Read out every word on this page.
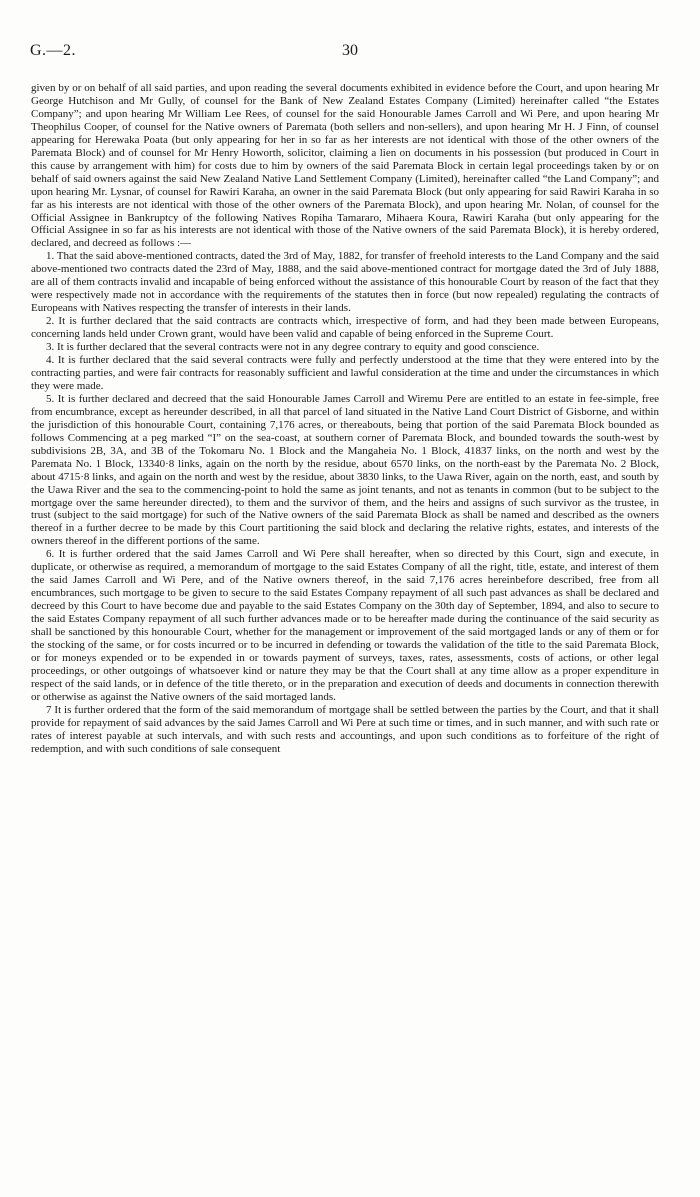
G.—2.	30

given by or on behalf of all said parties, and upon reading the several documents exhibited in evidence before the Court, and upon hearing Mr George Hutchison and Mr Gully, of counsel for the Bank of New Zealand Estates Company (Limited) hereinafter called “the Estates Company”; and upon hearing Mr William Lee Rees, of counsel for the said Honourable James Carroll and Wi Pere, and upon hearing Mr Theophilus Cooper, of counsel for the Native owners of Paremata (both sellers and non-sellers), and upon hearing Mr H. J Finn, of counsel appearing for Herewaka Poata (but only appearing for her in so far as her interests are not identical with those of the other owners of the Paremata Block) and of counsel for Mr Henry Howorth, solicitor, claiming a lien on documents in his possession (but produced in Court in this cause by arrangement with him) for costs due to him by owners of the said Paremata Block in certain legal proceedings taken by or on behalf of said owners against the said New Zealand Native Land Settlement Company (Limited), hereinafter called “the Land Company”; and upon hearing Mr. Lysnar, of counsel for Rawiri Karaha, an owner in the said Paremata Block (but only appearing for said Rawiri Karaha in so far as his interests are not identical with those of the other owners of the Paremata Block), and upon hearing Mr. Nolan, of counsel for the Official Assignee in Bankruptcy of the following Natives Ropiha Tamararo, Mihaera Koura, Rawiri Karaha (but only appearing for the Official Assignee in so far as his interests are not identical with those of the Native owners of the said Paremata Block), it is hereby ordered, declared, and decreed as follows :—

1. That the said above-mentioned contracts, dated the 3rd of May, 1882, for transfer of freehold interests to the Land Company and the said above-mentioned two contracts dated the 23rd of May, 1888, and the said above-mentioned contract for mortgage dated the 3rd of July 1888, are all of them contracts invalid and incapable of being enforced without the assistance of this honourable Court by reason of the fact that they were respectively made not in accordance with the requirements of the statutes then in force (but now repealed) regulating the contracts of Europeans with Natives respecting the transfer of interests in their lands.

2. It is further declared that the said contracts are contracts which, irrespective of form, and had they been made between Europeans, concerning lands held under Crown grant, would have been valid and capable of being enforced in the Supreme Court.

3. It is further declared that the several contracts were not in any degree contrary to equity and good conscience.

4. It is further declared that the said several contracts were fully and perfectly understood at the time that they were entered into by the contracting parties, and were fair contracts for reasonably sufficient and lawful consideration at the time and under the circumstances in which they were made.

5. It is further declared and decreed that the said Honourable James Carroll and Wiremu Pere are entitled to an estate in fee-simple, free from encumbrance, except as hereunder described, in all that parcel of land situated in the Native Land Court District of Gisborne, and within the jurisdiction of this honourable Court, containing 7,176 acres, or thereabouts, being that portion of the said Paremata Block bounded as follows Commencing at a peg marked “I” on the sea-coast, at southern corner of Paremata Block, and bounded towards the south-west by subdivisions 2B, 3A, and 3B of the Tokomaru No. 1 Block and the Mangaheia No. 1 Block, 41837 links, on the north and west by the Paremata No. 1 Block, 13340·8 links, again on the north by the residue, about 6570 links, on the north-east by the Paremata No. 2 Block, about 4715·8 links, and again on the north and west by the residue, about 3830 links, to the Uawa River, again on the north, east, and south by the Uawa River and the sea to the commencing-point to hold the same as joint tenants, and not as tenants in common (but to be subject to the mortgage over the same hereunder directed), to them and the survivor of them, and the heirs and assigns of such survivor as the trustee, in trust (subject to the said mortgage) for such of the Native owners of the said Paremata Block as shall be named and described as the owners thereof in a further decree to be made by this Court partitioning the said block and declaring the relative rights, estates, and interests of the owners thereof in the different portions of the same.

6. It is further ordered that the said James Carroll and Wi Pere shall hereafter, when so directed by this Court, sign and execute, in duplicate, or otherwise as required, a memorandum of mortgage to the said Estates Company of all the right, title, estate, and interest of them the said James Carroll and Wi Pere, and of the Native owners thereof, in the said 7,176 acres hereinbefore described, free from all encumbrances, such mortgage to be given to secure to the said Estates Company repayment of all such past advances as shall be declared and decreed by this Court to have become due and payable to the said Estates Company on the 30th day of September, 1894, and also to secure to the said Estates Company repayment of all such further advances made or to be hereafter made during the continuance of the said security as shall be sanctioned by this honourable Court, whether for the management or improvement of the said mortgaged lands or any of them or for the stocking of the same, or for costs incurred or to be incurred in defending or towards the validation of the title to the said Paremata Block, or for moneys expended or to be expended in or towards payment of surveys, taxes, rates, assessments, costs of actions, or other legal proceedings, or other outgoings of whatsoever kind or nature they may be that the Court shall at any time allow as a proper expenditure in respect of the said lands, or in defence of the title thereto, or in the preparation and execution of deeds and documents in connection therewith or otherwise as against the Native owners of the said mortaged lands.

7 It is further ordered that the form of the said memorandum of mortgage shall be settled between the parties by the Court, and that it shall provide for repayment of said advances by the said James Carroll and Wi Pere at such time or times, and in such manner, and with such rate or rates of interest payable at such intervals, and with such rests and accountings, and upon such conditions as to forfeiture of the right of redemption, and with such conditions of sale consequent
